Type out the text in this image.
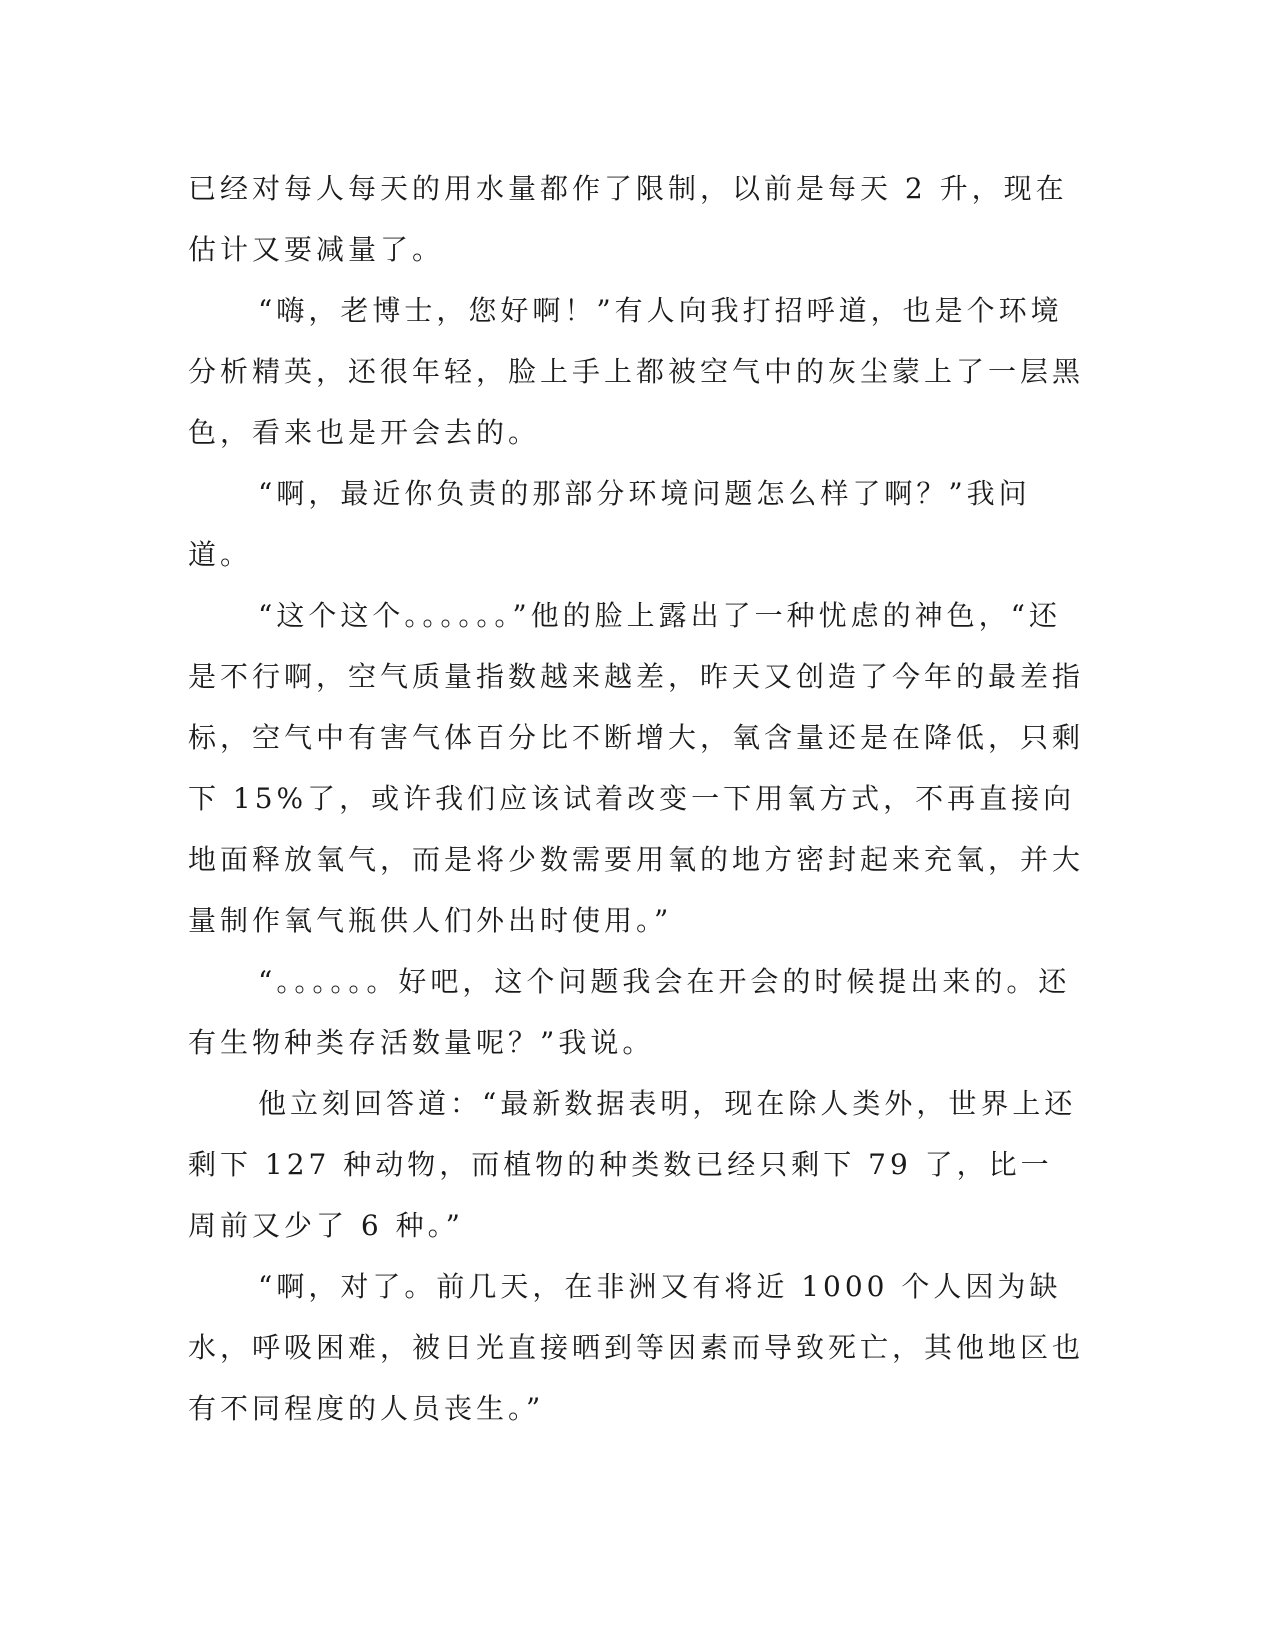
已经对每人每天的用水量都作了限制，以前是每天 2 升，现在估计又要减量了。

“嗨，老博士，您好啊！”有人向我打招呼道，也是个环境分析精英，还很年轻，脸上手上都被空气中的灰尘蒙上了一层黑色，看来也是开会去的。

“啊，最近你负责的那部分环境问题怎么样了啊？”我问道。

“这个这个。。。。。。”他的脸上露出了一种忧虑的神色，“还是不行啊，空气质量指数越来越差，昨天又创造了今年的最差指标，空气中有害气体百分比不断增大，氧含量还是在降低，只剩下 15%了，或许我们应该试着改变一下用氧方式，不再直接向地面释放氧气，而是将少数需要用氧的地方密封起来充氧，并大量制作氧气瓶供人们外出时使用。”

“。。。。。。好吧，这个问题我会在开会的时候提出来的。还有生物种类存活数量呢？”我说。

他立刻回答道：“最新数据表明，现在除人类外，世界上还剩下 127 种动物，而植物的种类数已经只剩下 79 了，比一周前又少了 6 种。”

“啊，对了。前几天，在非洲又有将近 1000 个人因为缺水，呼吸困难，被日光直接晒到等因素而导致死亡，其他地区也有不同程度的人员丧生。”
